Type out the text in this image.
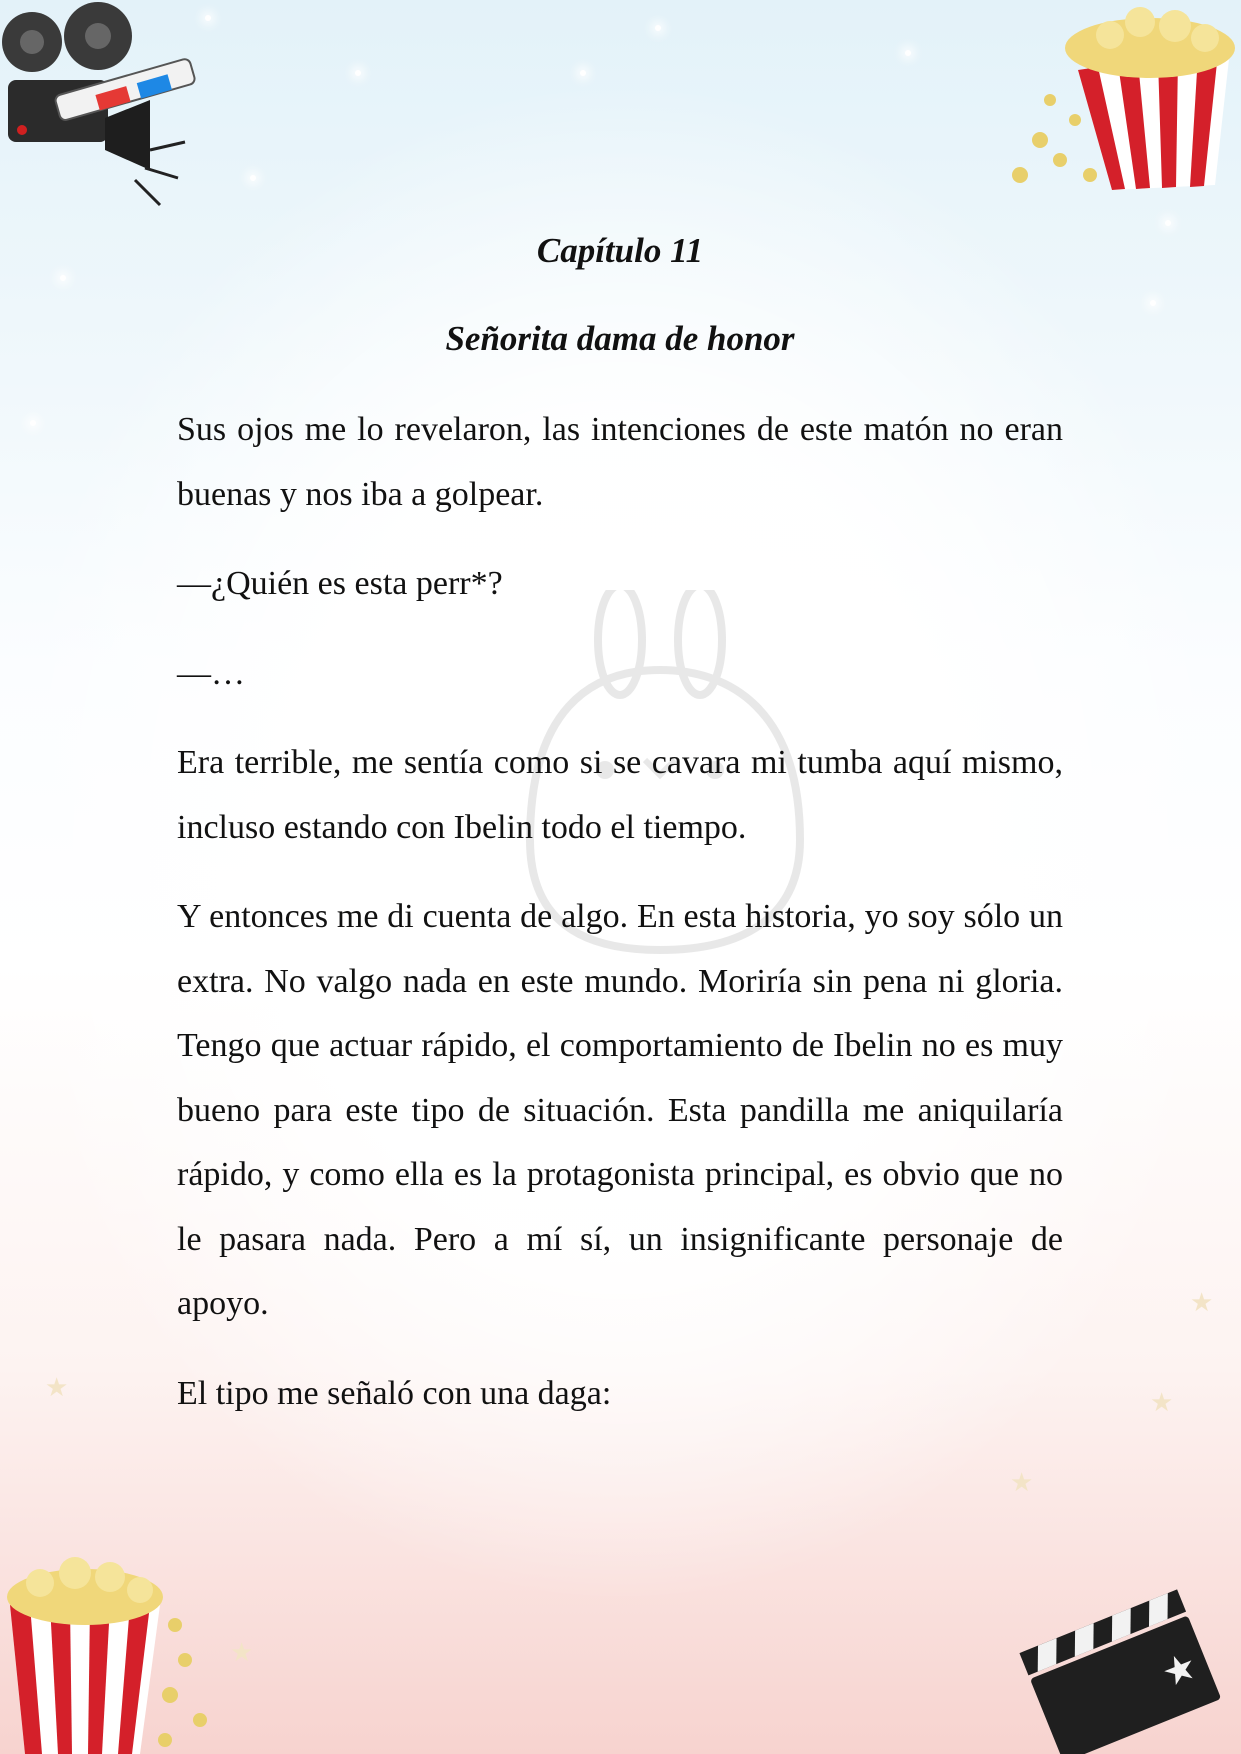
★
★
★
★
★
★
Capítulo 11
Señorita dama de honor

Sus ojos me lo revelaron, las intenciones de este matón no eran buenas y nos iba a golpear.

—¿Quién es esta perr*?

—…

Era terrible, me sentía como si se cavara mi tumba aquí mismo, incluso estando con Ibelin todo el tiempo.

Y entonces me di cuenta de algo. En esta historia, yo soy sólo un extra. No valgo nada en este mundo. Moriría sin pena ni gloria. Tengo que actuar rápido, el comportamiento de Ibelin no es muy bueno para este tipo de situación. Esta pandilla me aniquilaría rápido, y como ella es la protagonista principal, es obvio que no le pasara nada. Pero a mí sí, un insignificante personaje de apoyo.

El tipo me señaló con una daga:
